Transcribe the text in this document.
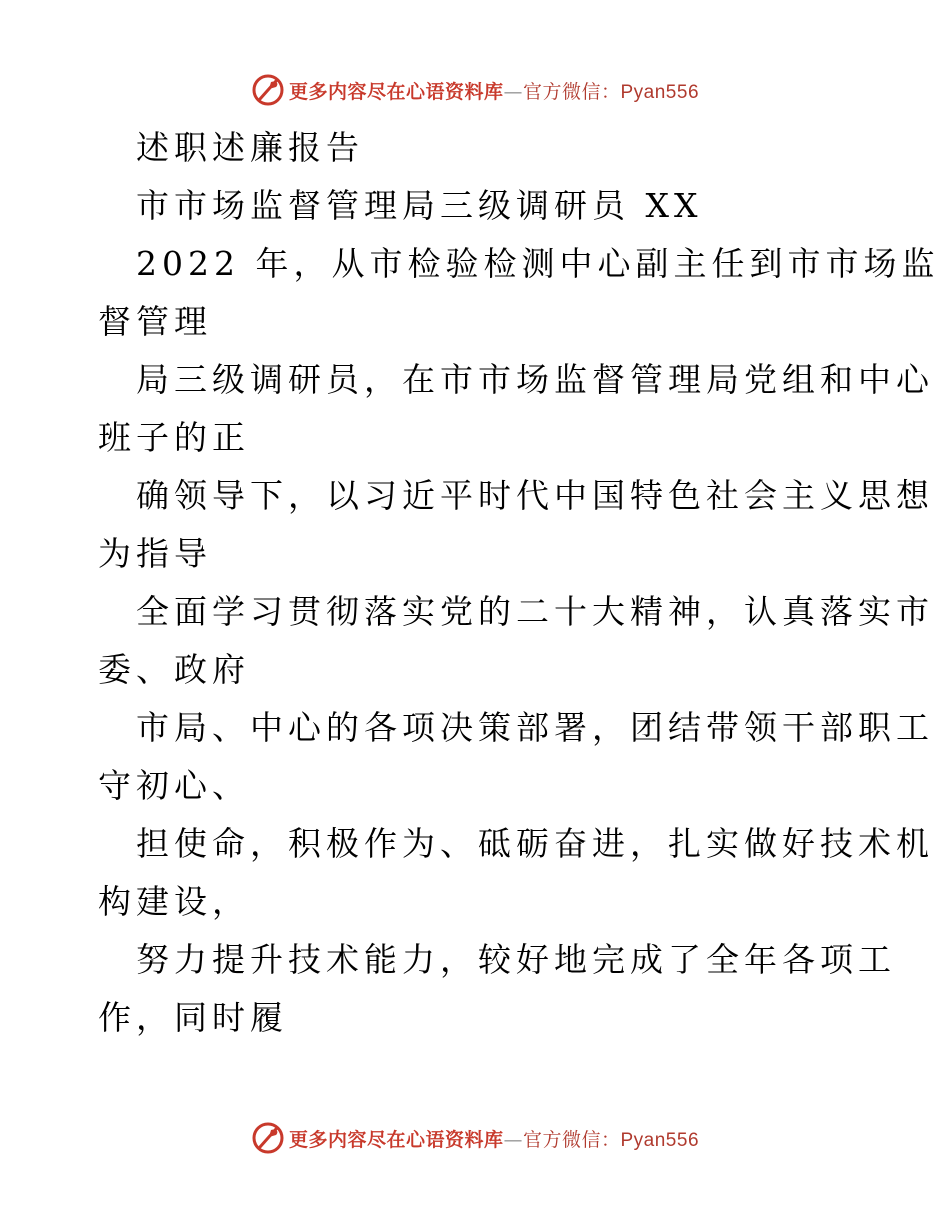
更多内容尽在心语资料库—官方微信：Pyan556
述职述廉报告
市市场监督管理局三级调研员 XX
2022 年，从市检验检测中心副主任到市市场监
督管理
局三级调研员，在市市场监督管理局党组和中心
班子的正
确领导下，以习近平时代中国特色社会主义思想
为指导
全面学习贯彻落实党的二十大精神，认真落实市
委、政府
市局、中心的各项决策部署，团结带领干部职工
守初心、
担使命，积极作为、砥砺奋进，扎实做好技术机
构建设，
努力提升技术能力，较好地完成了全年各项工
作，同时履
更多内容尽在心语资料库—官方微信：Pyan556
